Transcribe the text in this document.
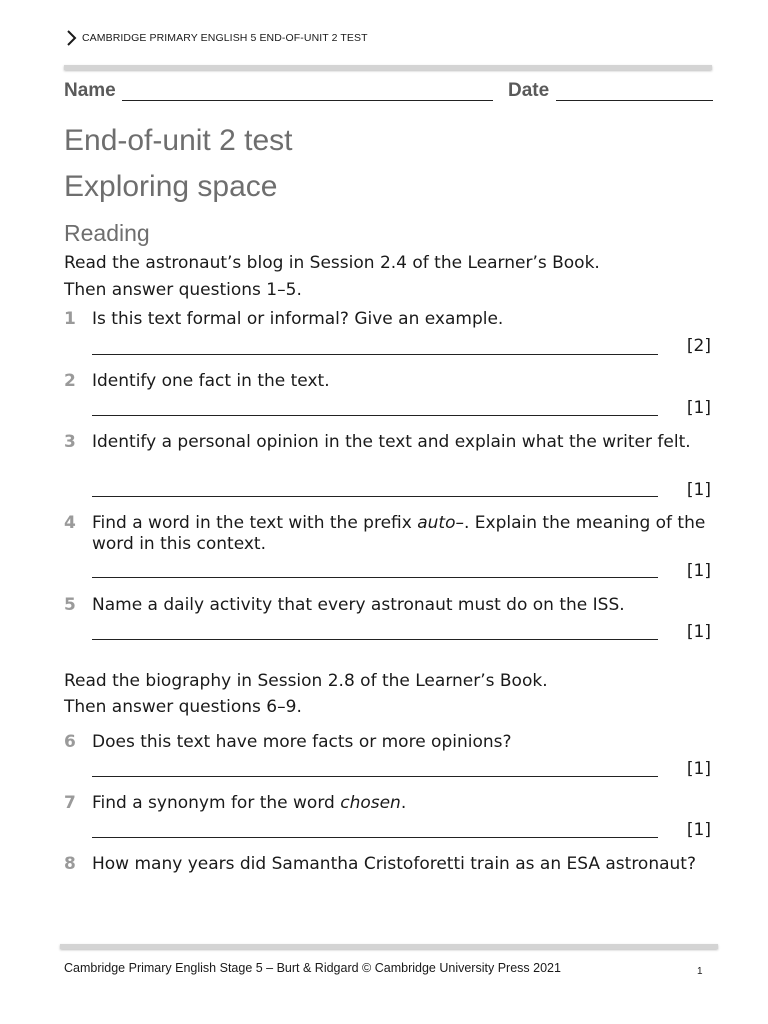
CAMBRIDGE PRIMARY ENGLISH 5 END-OF-UNIT 2 TEST
Name	Date
End-of-unit 2 test
Exploring space
Reading
Read the astronaut’s blog in Session 2.4 of the Learner’s Book.
Then answer questions 1–5.
1 Is this text formal or informal? Give an example.
[2]
2 Identify one fact in the text.
[1]
3 Identify a personal opinion in the text and explain what the writer felt.
[1]
4 Find a word in the text with the prefix auto–. Explain the meaning of the word in this context.
[1]
5 Name a daily activity that every astronaut must do on the ISS.
[1]
Read the biography in Session 2.8 of the Learner’s Book.
Then answer questions 6–9.
6 Does this text have more facts or more opinions?
[1]
7 Find a synonym for the word chosen.
[1]
8 How many years did Samantha Cristoforetti train as an ESA astronaut?
Cambridge Primary English Stage 5 – Burt & Ridgard © Cambridge University Press 2021	1
